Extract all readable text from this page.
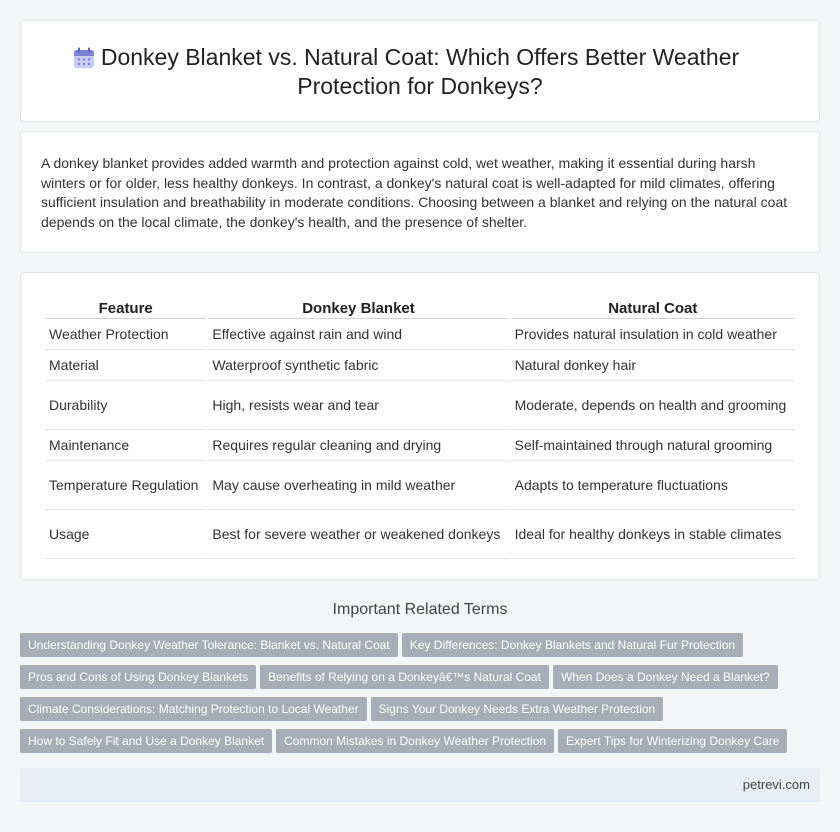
Donkey Blanket vs. Natural Coat: Which Offers Better Weather Protection for Donkeys?

A donkey blanket provides added warmth and protection against cold, wet weather, making it essential during harsh winters or for older, less healthy donkeys. In contrast, a donkey's natural coat is well-adapted for mild climates, offering sufficient insulation and breathability in moderate conditions. Choosing between a blanket and relying on the natural coat depends on the local climate, the donkey's health, and the presence of shelter.

Feature	Donkey Blanket	Natural Coat
Weather Protection	Effective against rain and wind	Provides natural insulation in cold weather
Material	Waterproof synthetic fabric	Natural donkey hair
Durability	High, resists wear and tear	Moderate, depends on health and grooming
Maintenance	Requires regular cleaning and drying	Self-maintained through natural grooming
Temperature Regulation	May cause overheating in mild weather	Adapts to temperature fluctuations
Usage	Best for severe weather or weakened donkeys	Ideal for healthy donkeys in stable climates
Important Related Terms
Understanding Donkey Weather Tolerance: Blanket vs. Natural Coat Key Differences: Donkey Blankets and Natural Fur Protection
Pros and Cons of Using Donkey Blankets Benefits of Relying on a Donkeyâ€™s Natural Coat When Does a Donkey Need a Blanket?
Climate Considerations: Matching Protection to Local Weather Signs Your Donkey Needs Extra Weather Protection
How to Safely Fit and Use a Donkey Blanket Common Mistakes in Donkey Weather Protection Expert Tips for Winterizing Donkey Care
petrevi.com
